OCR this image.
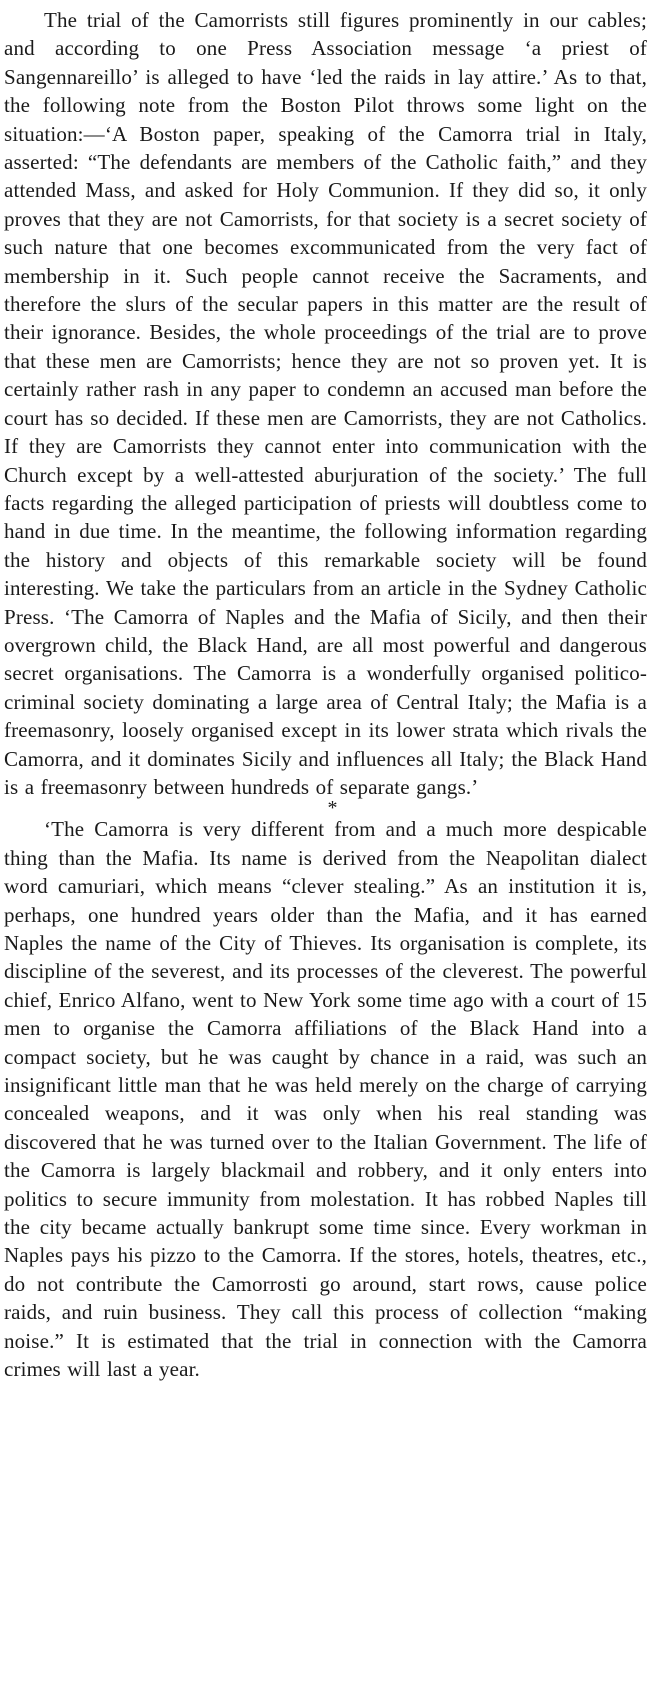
The trial of the Camorrists still figures prominently in our cables; and according to one Press Association message ‘a priest of Sangennareillo’ is alleged to have ‘led the raids in lay attire.’ As to that, the following note from the Boston Pilot throws some light on the situation:—‘A Boston paper, speaking of the Camorra trial in Italy, asserted: “The defendants are members of the Catholic faith,” and they attended Mass, and asked for Holy Communion. If they did so, it only proves that they are not Camorrists, for that society is a secret society of such nature that one becomes excommunicated from the very fact of membership in it. Such people cannot receive the Sacraments, and therefore the slurs of the secular papers in this matter are the result of their ignorance. Besides, the whole proceedings of the trial are to prove that these men are Camorrists; hence they are not so proven yet. It is certainly rather rash in any paper to condemn an accused man before the court has so decided. If these men are Camorrists, they are not Catholics. If they are Camorrists they cannot enter into communication with the Church except by a well-attested aburjuration of the society.’ The full facts regarding the alleged participation of priests will doubtless come to hand in due time. In the meantime, the following information regarding the history and objects of this remarkable society will be found interesting. We take the particulars from an article in the Sydney Catholic Press. ‘The Camorra of Naples and the Mafia of Sicily, and then their overgrown child, the Black Hand, are all most powerful and dangerous secret organisations. The Camorra is a wonderfully organised politico-criminal society dominating a large area of Central Italy; the Mafia is a freemasonry, loosely organised except in its lower strata which rivals the Camorra, and it dominates Sicily and influences all Italy; the Black Hand is a freemasonry between hundreds of separate gangs.’

*

‘The Camorra is very different from and a much more despicable thing than the Mafia. Its name is derived from the Neapolitan dialect word camuriari, which means “clever stealing.” As an institution it is, perhaps, one hundred years older than the Mafia, and it has earned Naples the name of the City of Thieves. Its organisation is complete, its discipline of the severest, and its processes of the cleverest. The powerful chief, Enrico Alfano, went to New York some time ago with a court of 15 men to organise the Camorra affiliations of the Black Hand into a compact society, but he was caught by chance in a raid, was such an insignificant little man that he was held merely on the charge of carrying concealed weapons, and it was only when his real standing was discovered that he was turned over to the Italian Government. The life of the Camorra is largely blackmail and robbery, and it only enters into politics to secure immunity from molestation. It has robbed Naples till the city became actually bankrupt some time since. Every workman in Naples pays his pizzo to the Camorra. If the stores, hotels, theatres, etc., do not contribute the Camorrosti go around, start rows, cause police raids, and ruin business. They call this process of collection “making noise.” It is estimated that the trial in connection with the Camorra crimes will last a year.
